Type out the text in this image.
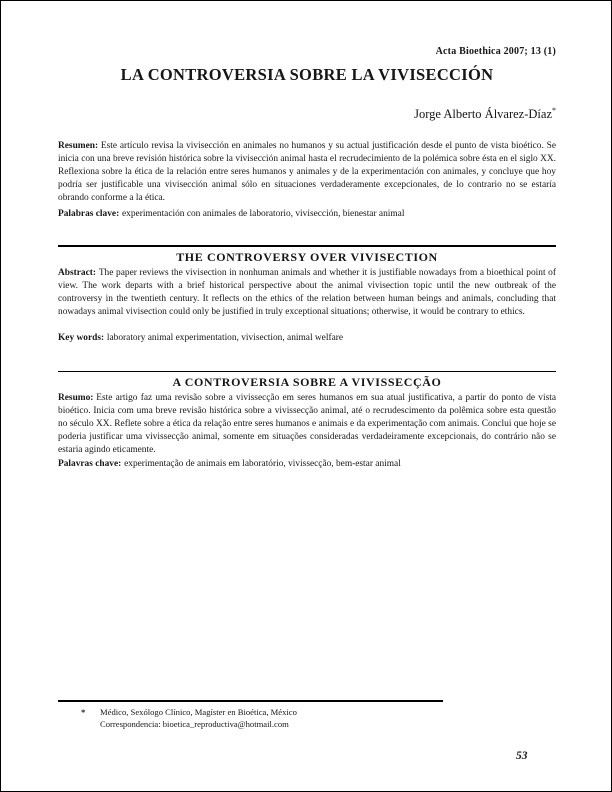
Acta Bioethica 2007; 13 (1)
LA CONTROVERSIA SOBRE LA VIVISECCIÓN
Jorge Alberto Álvarez-Díaz*

Resumen: Este artículo revisa la vivisección en animales no humanos y su actual justificación desde el punto de vista bioético. Se inicia con una breve revisión histórica sobre la vivisección animal hasta el recrudecimiento de la polémica sobre ésta en el siglo XX. Reflexiona sobre la ética de la relación entre seres humanos y animales y de la experimentación con animales, y concluye que hoy podría ser justificable una vivisección animal sólo en situaciones verdaderamente excepcionales, de lo contrario no se estaría obrando conforme a la ética.

Palabras clave: experimentación con animales de laboratorio, vivisección, bienestar animal

THE CONTROVERSY OVER VIVISECTION

Abstract: The paper reviews the vivisection in nonhuman animals and whether it is justifiable nowadays from a bioethical point of view. The work departs with a brief historical perspective about the animal vivisection topic until the new outbreak of the controversy in the twentieth century. It reflects on the ethics of the relation between human beings and animals, concluding that nowadays animal vivisection could only be justified in truly exceptional situations; otherwise, it would be contrary to ethics.

Key words: laboratory animal experimentation, vivisection, animal welfare

A CONTROVERSIA SOBRE A VIVISSECÇÃO

Resumo: Este artigo faz uma revisão sobre a vivissecção em seres humanos em sua atual justificativa, a partir do ponto de vista bioético. Inicia com uma breve revisão histórica sobre a vivissecção animal, até o recrudescimento da polêmica sobre esta questão no século XX. Reflete sobre a ética da relação entre seres humanos e animais e da experimentação com animais. Conclui que hoje se poderia justificar uma vivissecção animal, somente em situações consideradas verdadeiramente excepcionais, do contrário não se estaria agindo eticamente.

Palavras chave: experimentação de animais em laboratório, vivissecção, bem-estar animal

*	Médico, Sexólogo Clínico, Magíster en Bioética, México
Correspondencia: bioetica_reproductiva@hotmail.com
53
